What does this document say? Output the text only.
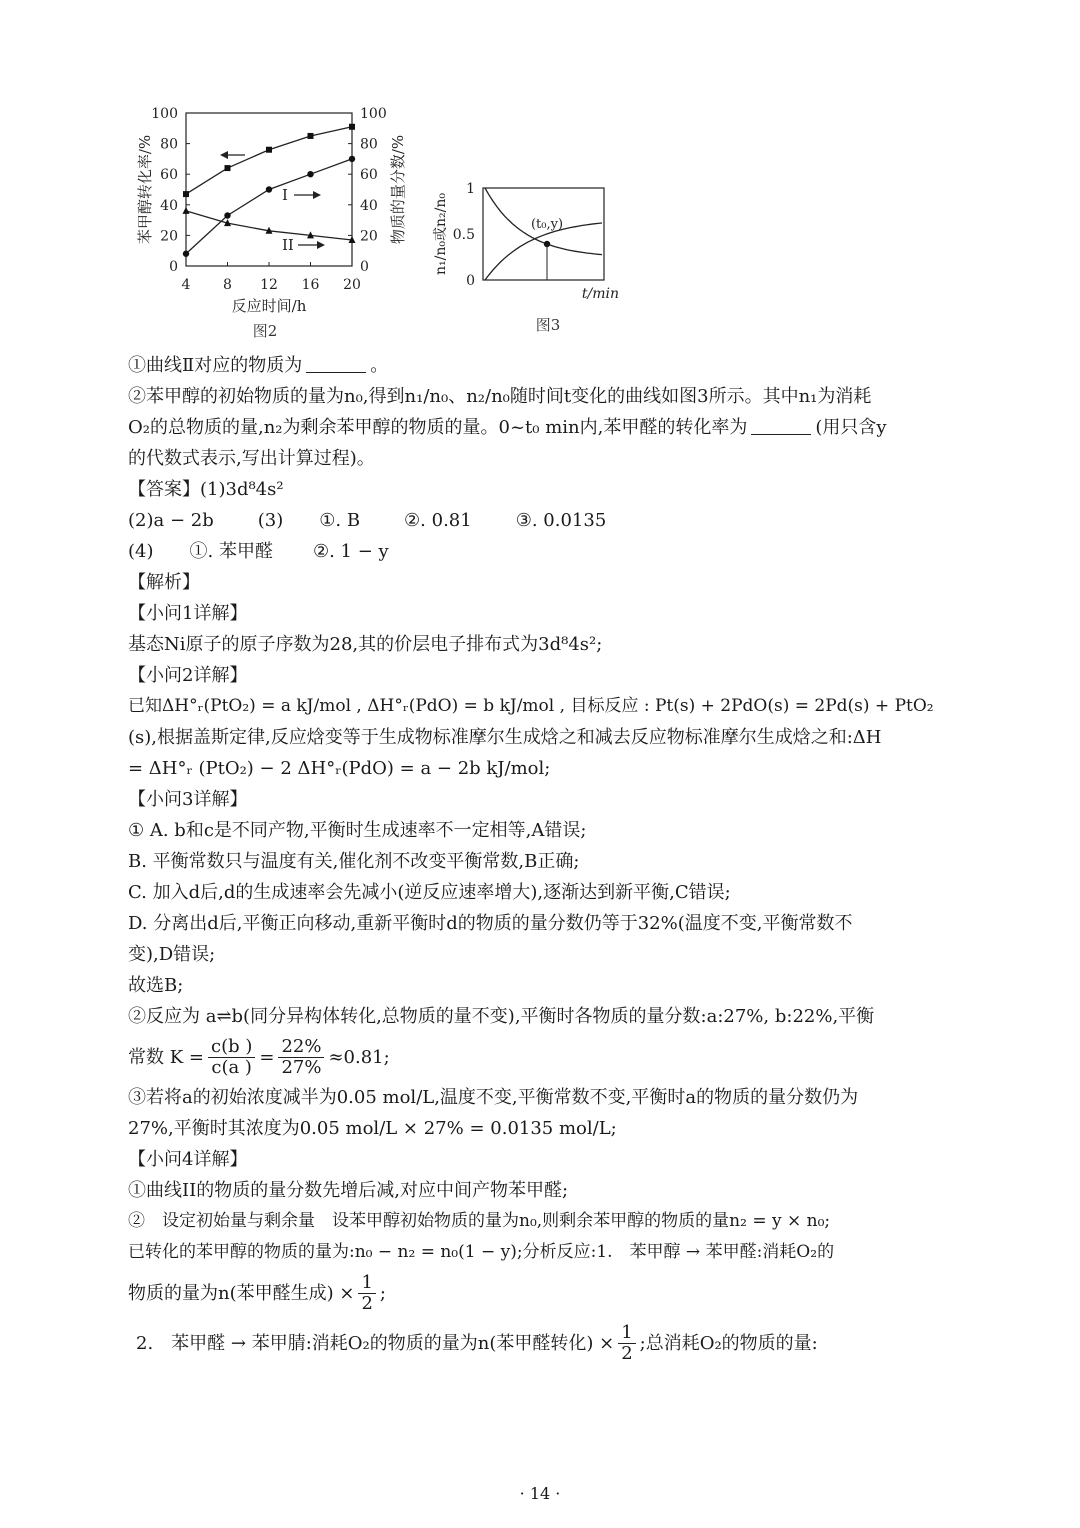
4 8 12 16 20
0
20
40
60
80
100
0
20
40
60
80
100
反应时间/h
苯甲醇转化率/%	物质的量分数/%
图2
I
II
0
0.5
1
n₁/n₀或n₂/n₀
t/min
图3
(t₀,y)
①曲线Ⅱ对应的物质为	。
②苯甲醇的初始物质的量为n₀,得到n₁/n₀、n₂/n₀随时间t变化的曲线如图3所示。其中n₁为消耗
O₂的总物质的量,n₂为剩余苯甲醇的物质的量。0~t₀ min内,苯甲醛的转化率为	(用只含y
的代数式表示,写出计算过程)。
【答案】(1)3d⁸4s²
(2)a − 2b (3) ①. B ②. 0.81 ③. 0.0135
(4) ①. 苯甲醛 ②. 1 − y
【解析】
【小问1详解】
基态Ni原子的原子序数为28,其的价层电子排布式为3d⁸4s²;
【小问2详解】
已知ΔH°ᵣ(PtO₂) = a kJ/mol , ΔH°ᵣ(PdO) = b kJ/mol , 目标反应 : Pt(s) + 2PdO(s) = 2Pd(s) + PtO₂
(s),根据盖斯定律,反应焓变等于生成物标准摩尔生成焓之和减去反应物标准摩尔生成焓之和:ΔH
= ΔH°ᵣ (PtO₂) − 2 ΔH°ᵣ(PdO) = a − 2b kJ/mol;
【小问3详解】
① A. b和c是不同产物,平衡时生成速率不一定相等,A错误;
B. 平衡常数只与温度有关,催化剂不改变平衡常数,B正确;
C. 加入d后,d的生成速率会先减小(逆反应速率增大),逐渐达到新平衡,C错误;
D. 分离出d后,平衡正向移动,重新平衡时d的物质的量分数仍等于32%(温度不变,平衡常数不
变),D错误;
故选B;
②反应为 a⇌b(同分异构体转化,总物质的量不变),平衡时各物质的量分数:a:27%, b:22%,平衡
常数 $K = \frac{c(b )}{c(a )} = \frac{22\%}{27\%} \approx 0.81$;
③若将a的初始浓度减半为0.05 mol/L,温度不变,平衡常数不变,平衡时a的物质的量分数仍为
27%,平衡时其浓度为0.05 mol/L × 27% = 0.0135 mol/L;
【小问4详解】
①曲线II的物质的量分数先增后减,对应中间产物苯甲醛;
②　设定初始量与剩余量　设苯甲醇初始物质的量为n₀,则剩余苯甲醇的物质的量n₂ = y × n₀;
已转化的苯甲醇的物质的量为:n₀ − n₂ = n₀(1 − y);分析反应:1.　苯甲醇 → 苯甲醛:消耗O₂的
物质的量为n(苯甲醛生成) × $\frac{1}{2}$ ;
2.　苯甲醛 → 苯甲腈:消耗O₂的物质的量为n(苯甲醛转化) × $\frac{1}{2}$ ;总消耗O₂的物质的量:
· 14 ·
